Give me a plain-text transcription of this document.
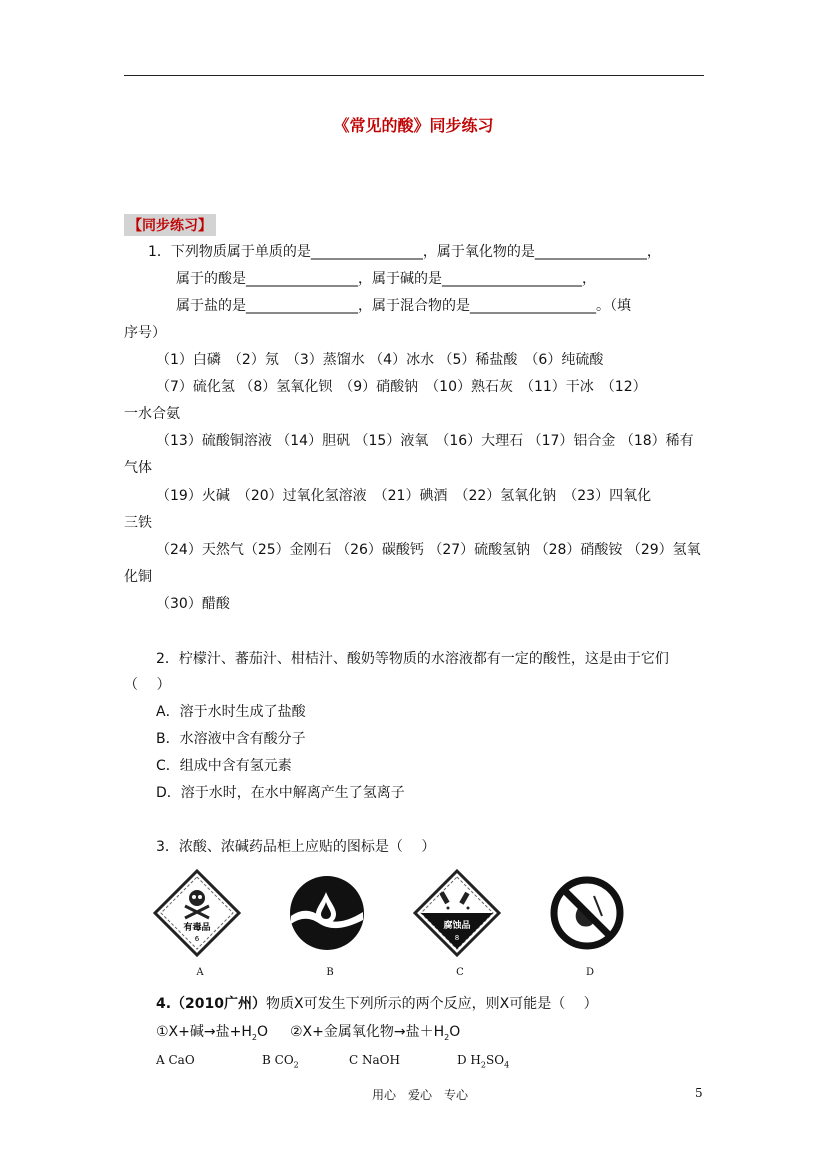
《常见的酸》同步练习
【同步练习】
1．下列物质属于单质的是________________，属于氧化物的是________________，
属于的酸是________________，属于碱的是____________________，
属于盐的是________________，属于混合物的是__________________。（填
序号）
（1）白磷　（2）氖　（3）蒸馏水 （4）冰水 （5）稀盐酸　（6）纯硫酸
（7）硫化氢 （8）氢氧化钡　（9）硝酸钠　（10）熟石灰　（11）干冰　（12）
一水合氨
（13）硫酸铜溶液 （14）胆矾 （15）液氧　（16）大理石 （17）铝合金 （18）稀有
气体
（19）火碱　（20）过氧化氢溶液　（21）碘酒　（22）氢氧化钠　（23）四氧化
三铁
（24）天然气（25）金刚石 （26）碳酸钙 （27）硫酸氢钠 （28）硝酸铵 （29）氢氧
化铜
（30）醋酸
2．柠檬汁、蕃茄汁、柑桔汁、酸奶等物质的水溶液都有一定的酸性，这是由于它们
（　 ）
A．溶于水时生成了盐酸
B．水溶液中含有酸分子
C．组成中含有氢元素
D．溶于水时，在水中解离产生了氢离子
3．浓酸、浓碱药品柜上应贴的图标是（　 ）
有毒品
6
A	B
腐蚀品
8
C	D
4.（2010广州）物质X可发生下列所示的两个反应，则X可能是（　 ）
①X+碱→盐$+H_2O$ ②X+金属氧化物→盐$+H_2O$
A CaO	B $CO_2$	C NaOH	D $H_2SO_4$
用心　爱心　专心	5
